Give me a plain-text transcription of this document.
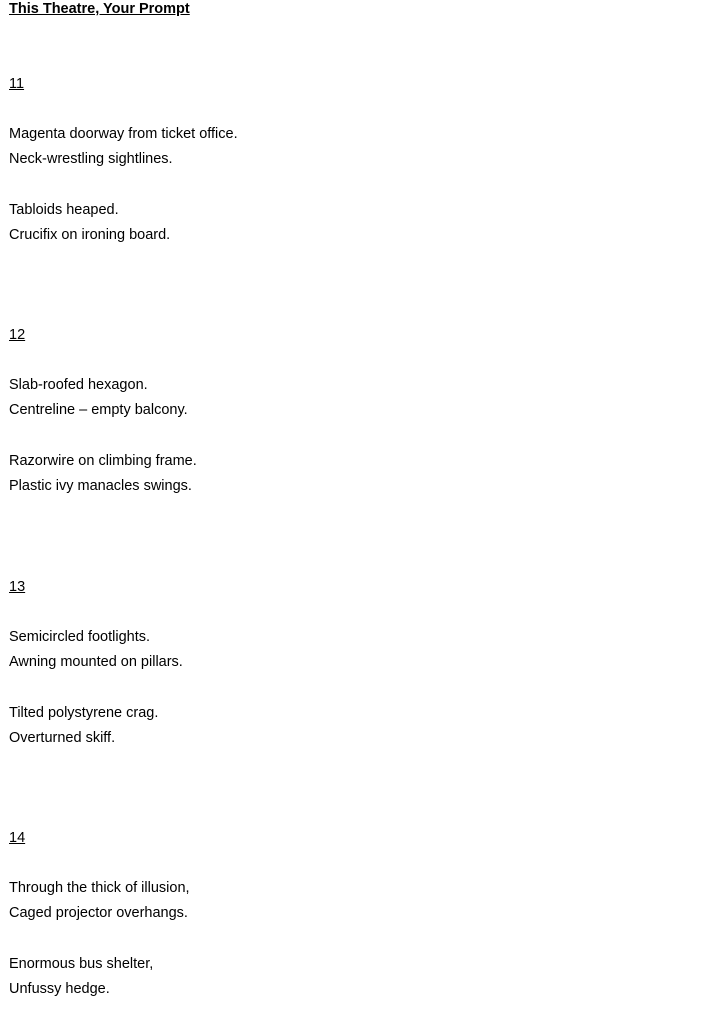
This Theatre, Your Prompt
11
Magenta doorway from ticket office.
Neck-wrestling sightlines.
Tabloids heaped.
Crucifix on ironing board.
12
Slab-roofed hexagon.
Centreline – empty balcony.
Razorwire on climbing frame.
Plastic ivy manacles swings.
13
Semicircled footlights.
Awning mounted on pillars.
Tilted polystyrene crag.
Overturned skiff.
14
Through the thick of illusion,
Caged projector overhangs.
Enormous bus shelter,
Unfussy hedge.
